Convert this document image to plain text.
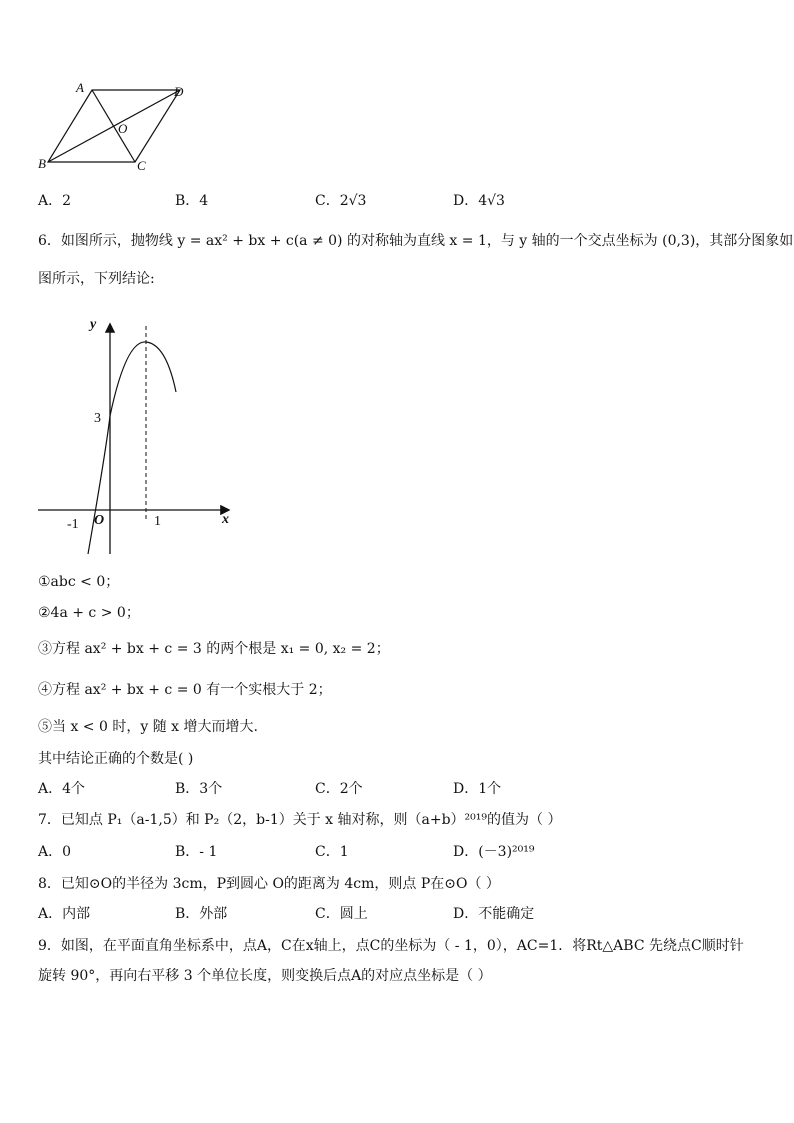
A	D
O
B	C
A．2	B．4	C．2√3	D．4√3
6．如图所示，抛物线 y = ax² + bx + c(a ≠ 0) 的对称轴为直线 x = 1，与 y 轴的一个交点坐标为 (0,3)，其部分图象如
图所示，下列结论:
y
x
O
3
-1	1
①abc < 0；
②4a + c > 0；
③方程 ax² + bx + c = 3 的两个根是 x₁ = 0, x₂ = 2；
④方程 ax² + bx + c = 0 有一个实根大于 2；
⑤当 x < 0 时，y 随 x 增大而增大.
其中结论正确的个数是( )
A．4个	B．3个	C．2个	D．1个
7．已知点 P₁（a-1,5）和 P₂（2，b-1）关于 x 轴对称，则（a+b）²⁰¹⁹的值为（ ）
A．0	B．- 1	C．1	D．(－3)²⁰¹⁹
8．已知⊙O的半径为 3cm，P到圆心 O的距离为 4cm，则点 P在⊙O（ ）
A．内部	B．外部	C．圆上	D．不能确定
9．如图，在平面直角坐标系中，点A，C在x轴上，点C的坐标为（ - 1，0），AC=1．将Rt△ABC 先绕点C顺时针
旋转 90°，再向右平移 3 个单位长度，则变换后点A的对应点坐标是（ ）
